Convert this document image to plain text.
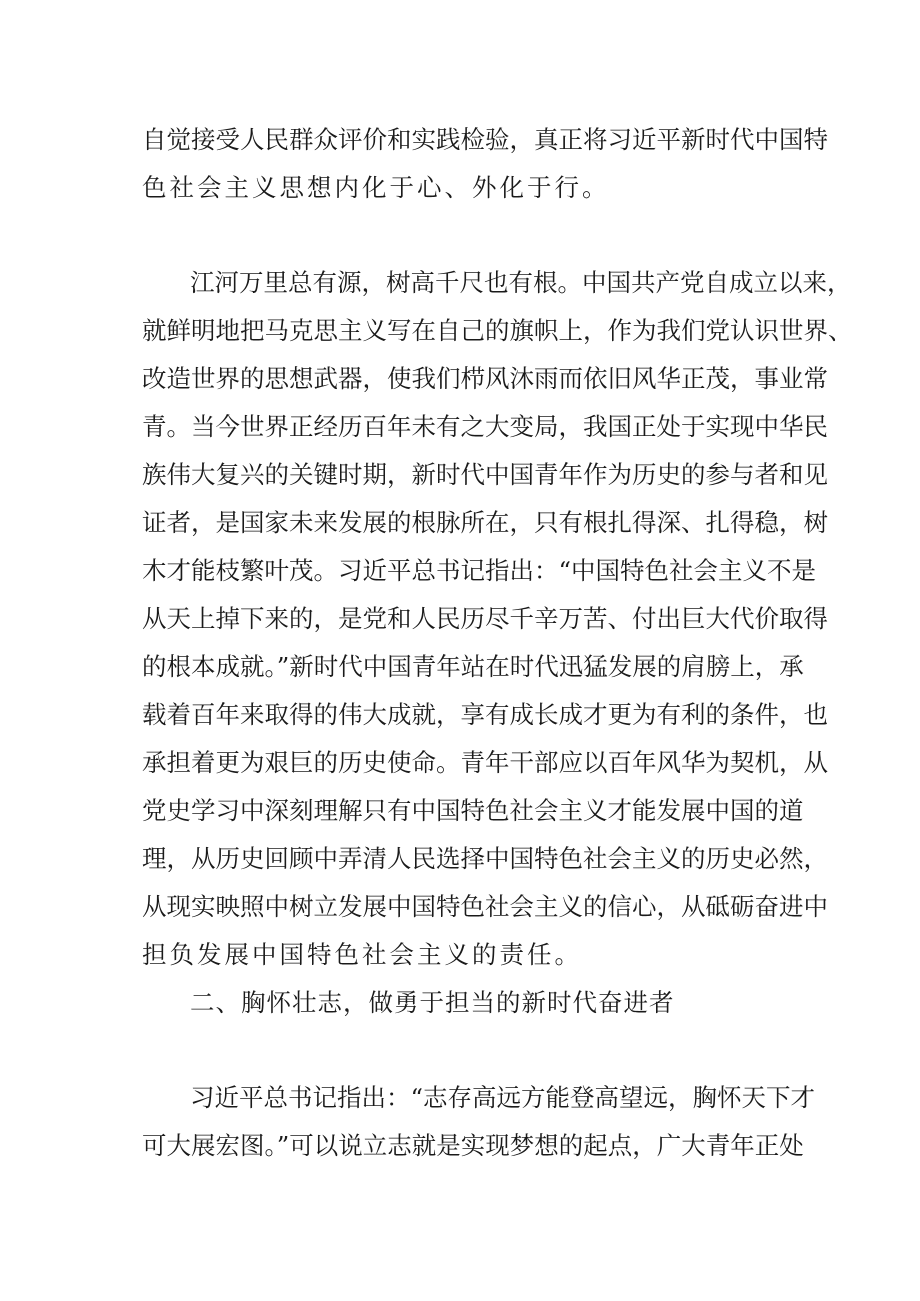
自觉接受人民群众评价和实践检验，真正将习近平新时代中国特
色社会主义思想内化于心、外化于行。
江河万里总有源，树高千尺也有根。中国共产党自成立以来，
就鲜明地把马克思主义写在自己的旗帜上，作为我们党认识世界、
改造世界的思想武器，使我们栉风沐雨而依旧风华正茂，事业常
青。当今世界正经历百年未有之大变局，我国正处于实现中华民
族伟大复兴的关键时期，新时代中国青年作为历史的参与者和见
证者，是国家未来发展的根脉所在，只有根扎得深、扎得稳，树
木才能枝繁叶茂。习近平总书记指出：“中国特色社会主义不是
从天上掉下来的，是党和人民历尽千辛万苦、付出巨大代价取得
的根本成就。”新时代中国青年站在时代迅猛发展的肩膀上，承
载着百年来取得的伟大成就，享有成长成才更为有利的条件，也
承担着更为艰巨的历史使命。青年干部应以百年风华为契机，从
党史学习中深刻理解只有中国特色社会主义才能发展中国的道
理，从历史回顾中弄清人民选择中国特色社会主义的历史必然，
从现实映照中树立发展中国特色社会主义的信心，从砥砺奋进中
担负发展中国特色社会主义的责任。
二、胸怀壮志，做勇于担当的新时代奋进者
习近平总书记指出：“志存高远方能登高望远，胸怀天下才
可大展宏图。”可以说立志就是实现梦想的起点，广大青年正处
